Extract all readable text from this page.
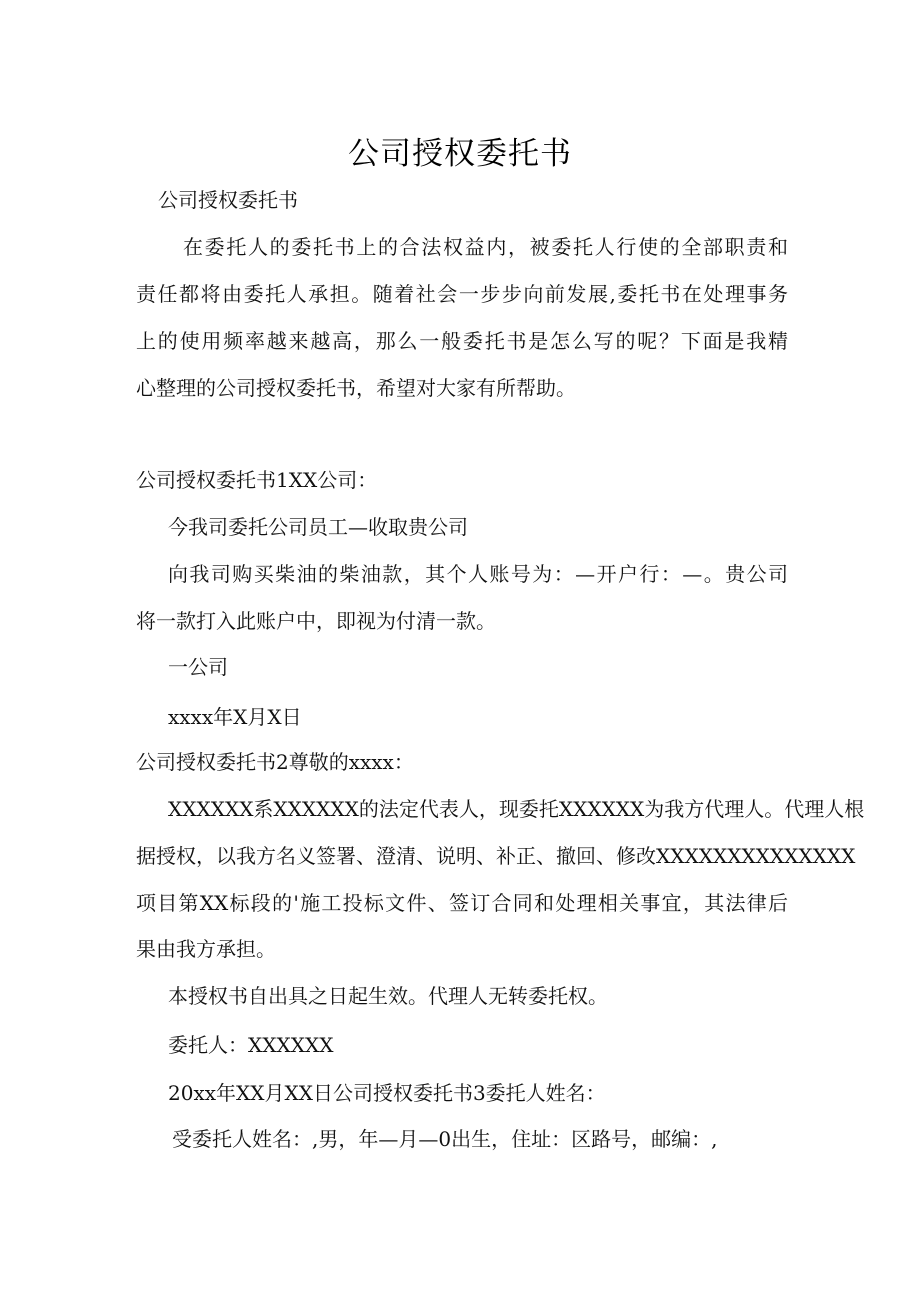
公司授权委托书
公司授权委托书
在委托人的委托书上的合法权益内，被委托人行使的全部职责和
责任都将由委托人承担。随着社会一步步向前发展,委托书在处理事务
上的使用频率越来越高，那么一般委托书是怎么写的呢？下面是我精
心整理的公司授权委托书，希望对大家有所帮助。
公司授权委托书1XX公司：
今我司委托公司员工—收取贵公司
向我司购买柴油的柴油款，其个人账号为：—开户行：—。贵公司
将一款打入此账户中，即视为付清一款。
一公司
xxxx年X月X日
公司授权委托书2尊敬的xxxx：
XXXXXX系XXXXXX的法定代表人，现委托XXXXXX为我方代理人。代理人根
据授权，以我方名义签署、澄清、说明、补正、撤回、修改XXXXXXXXXXXXXX
项目第XX标段的'施工投标文件、签订合同和处理相关事宜，其法律后
果由我方承担。
本授权书自出具之日起生效。代理人无转委托权。
委托人：XXXXXX
20xx年XX月XX日公司授权委托书3委托人姓名：
受委托人姓名：,男，年—月—0出生，住址：区路号，邮编：,
